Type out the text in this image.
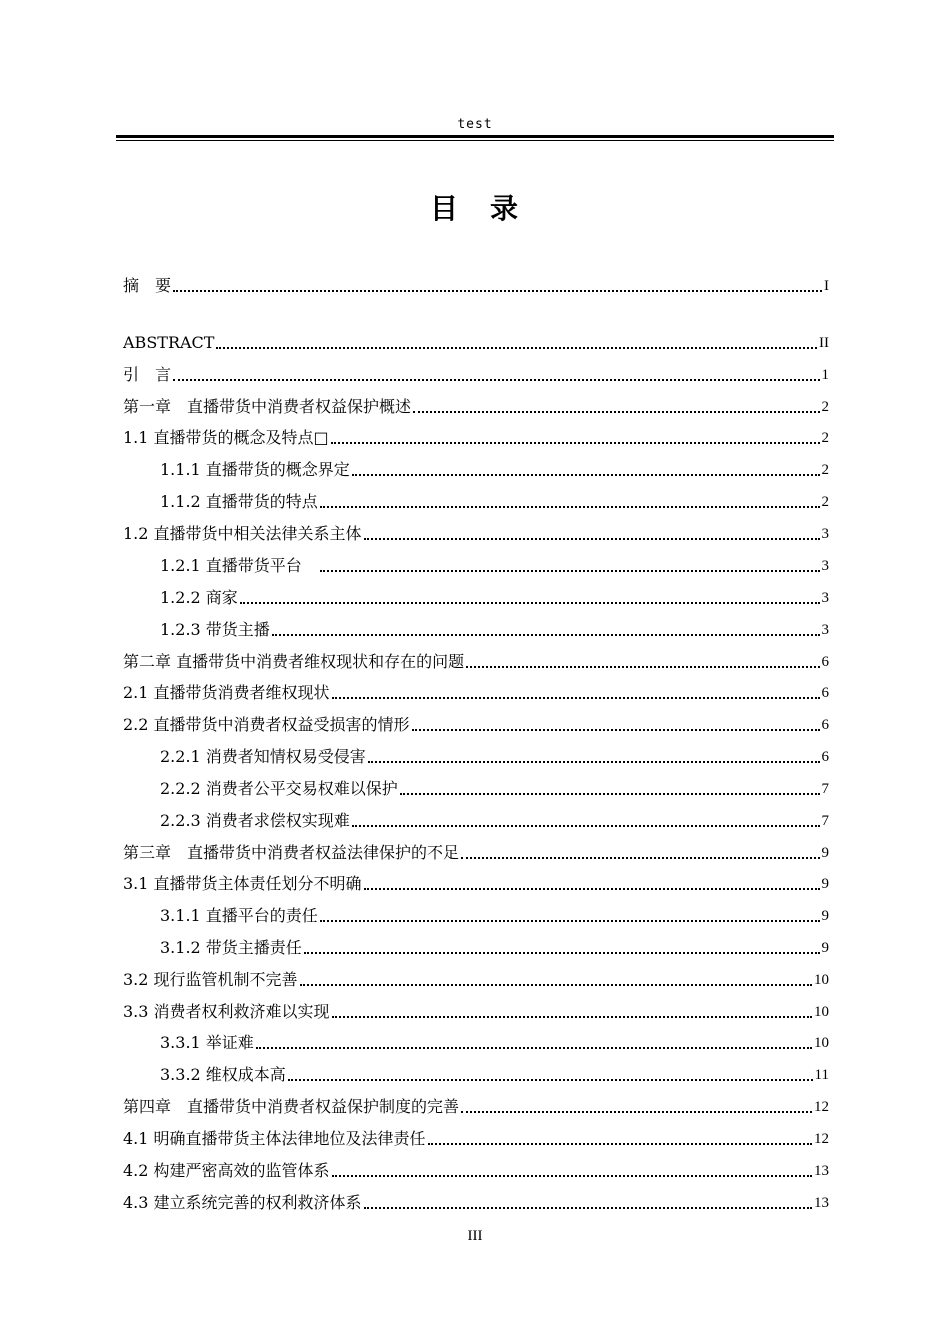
test
目 录
摘　要	I
ABSTRACT	II
引　言	1
第一章　直播带货中消费者权益保护概述	2
1.1 直播带货的概念及特点□	2
1.1.1 直播带货的概念界定	2
1.1.2 直播带货的特点	2
1.2 直播带货中相关法律关系主体	3
1.2.1 直播带货平台　	3
1.2.2 商家	3
1.2.3 带货主播	3
第二章 直播带货中消费者维权现状和存在的问题	6
2.1 直播带货消费者维权现状	6
2.2 直播带货中消费者权益受损害的情形	6
2.2.1 消费者知情权易受侵害	6
2.2.2 消费者公平交易权难以保护	7
2.2.3 消费者求偿权实现难	7
第三章　直播带货中消费者权益法律保护的不足	9
3.1 直播带货主体责任划分不明确	9
3.1.1 直播平台的责任	9
3.1.2 带货主播责任	9
3.2 现行监管机制不完善	10
3.3 消费者权利救济难以实现	10
3.3.1 举证难	10
3.3.2 维权成本高	11
第四章　直播带货中消费者权益保护制度的完善	12
4.1 明确直播带货主体法律地位及法律责任	12
4.2 构建严密高效的监管体系	13
4.3 建立系统完善的权利救济体系	13
III
